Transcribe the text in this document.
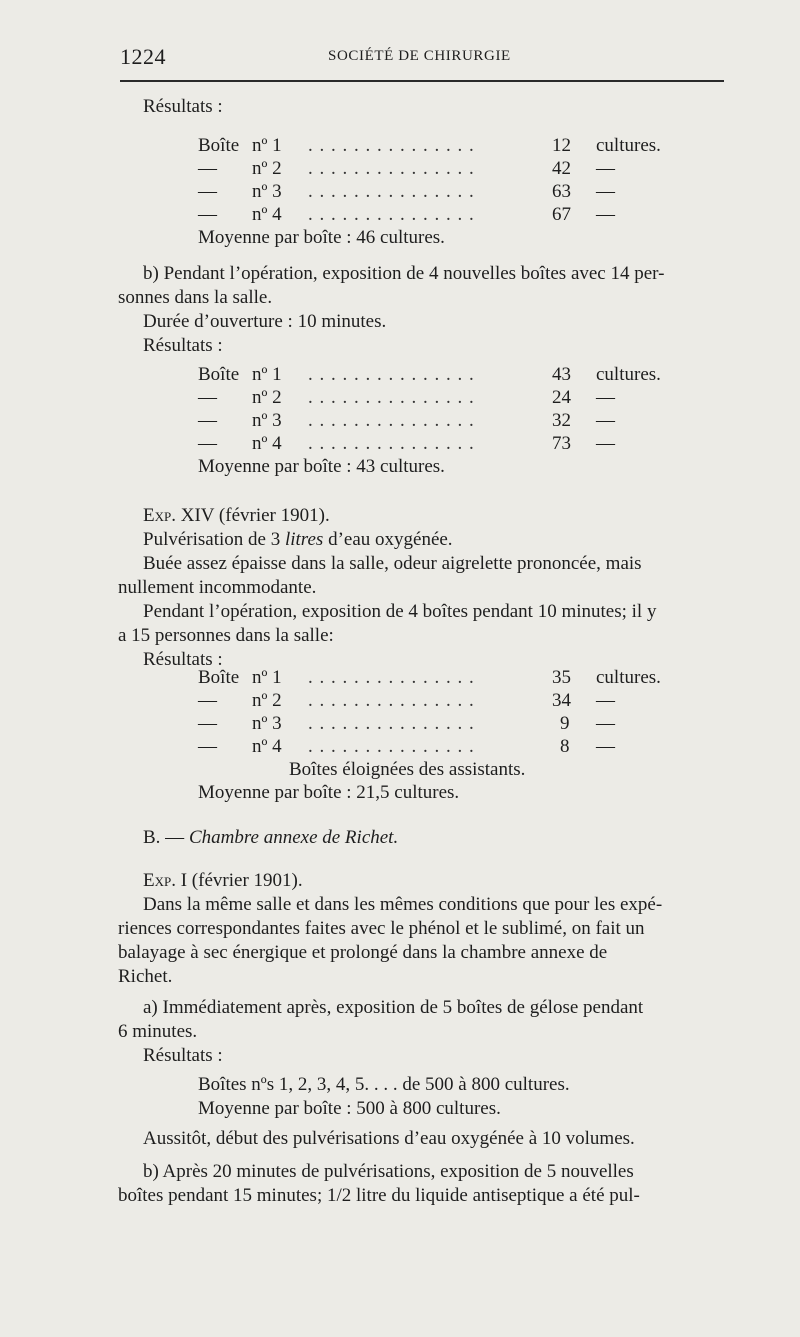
1224	SOCIÉTÉ DE CHIRURGIE
Résultats :
Boîte nº 1 . . . . . . . . . . . . . . .	12 cultures.
— nº 2 . . . . . . . . . . . . . . .	42 —
— nº 3 . . . . . . . . . . . . . . .	63 —
— nº 4 . . . . . . . . . . . . . . .	67 —
Moyenne par boîte : 46 cultures.
b) Pendant l’opération, exposition de 4 nouvelles boîtes avec 14 per-
sonnes dans la salle.
Durée d’ouverture : 10 minutes.
Résultats :
Boîte nº 1 . . . . . . . . . . . . . . .	43 cultures.
— nº 2 . . . . . . . . . . . . . . .	24 —
— nº 3 . . . . . . . . . . . . . . .	32 —
— nº 4 . . . . . . . . . . . . . . .	73 —
Moyenne par boîte : 43 cultures.
Exp. XIV (février 1901).
Pulvérisation de 3 litres d’eau oxygénée.
Buée assez épaisse dans la salle, odeur aigrelette prononcée, mais
nullement incommodante.
Pendant l’opération, exposition de 4 boîtes pendant 10 minutes; il y
a 15 personnes dans la salle:
Résultats :
Boîte nº 1 . . . . . . . . . . . . . . .	35 cultures.
— nº 2 . . . . . . . . . . . . . . .	34 —
— nº 3 . . . . . . . . . . . . . . .	9 —
— nº 4 . . . . . . . . . . . . . . .	8 —
Boîtes éloignées des assistants.
Moyenne par boîte : 21,5 cultures.
B. — Chambre annexe de Richet.
Exp. I (février 1901).
Dans la même salle et dans les mêmes conditions que pour les expé-
riences correspondantes faites avec le phénol et le sublimé, on fait un
balayage à sec énergique et prolongé dans la chambre annexe de
Richet.
a) Immédiatement après, exposition de 5 boîtes de gélose pendant
6 minutes.
Résultats :
Boîtes nºs 1, 2, 3, 4, 5. . . . de 500 à 800 cultures.
Moyenne par boîte : 500 à 800 cultures.
Aussitôt, début des pulvérisations d’eau oxygénée à 10 volumes.
b) Après 20 minutes de pulvérisations, exposition de 5 nouvelles
boîtes pendant 15 minutes; 1/2 litre du liquide antiseptique a été pul-
